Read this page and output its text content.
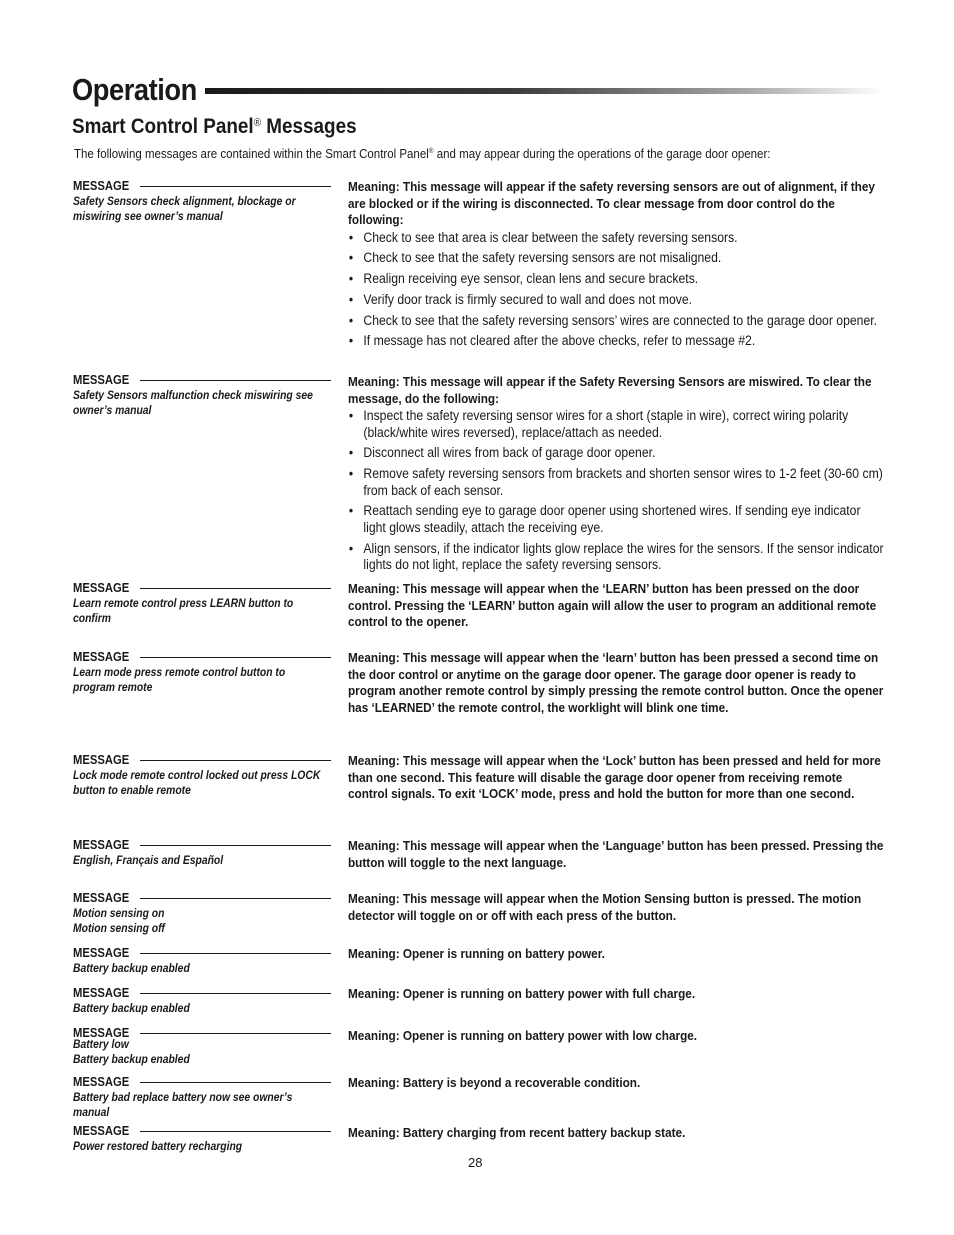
Operation
Smart Control Panel® Messages
The following messages are contained within the Smart Control Panel® and may appear during the operations of the garage door opener:
MESSAGE
Safety Sensors check alignment, blockage or miswiring see owner’s manual
Meaning: This message will appear if the safety reversing sensors are out of alignment, if they are blocked or if the wiring is disconnected. To clear message from door control do the following:
• Check to see that area is clear between the safety reversing sensors.
• Check to see that the safety reversing sensors are not misaligned.
• Realign receiving eye sensor, clean lens and secure brackets.
• Verify door track is firmly secured to wall and does not move.
• Check to see that the safety reversing sensors’ wires are connected to the garage door opener.
• If message has not cleared after the above checks, refer to message #2.
MESSAGE
Safety Sensors malfunction check miswiring see owner’s manual
Meaning: This message will appear if the Safety Reversing Sensors are miswired. To clear the message, do the following:
• Inspect the safety reversing sensor wires for a short (staple in wire), correct wiring polarity (black/white wires reversed), replace/attach as needed.
• Disconnect all wires from back of garage door opener.
• Remove safety reversing sensors from brackets and shorten sensor wires to 1-2 feet (30-60 cm) from back of each sensor.
• Reattach sending eye to garage door opener using shortened wires. If sending eye indicator light glows steadily, attach the receiving eye.
• Align sensors, if the indicator lights glow replace the wires for the sensors. If the sensor indicator lights do not light, replace the safety reversing sensors.
MESSAGE
Learn remote control press LEARN button to confirm
Meaning: This message will appear when the ‘LEARN’ button has been pressed on the door control. Pressing the ‘LEARN’ button again will allow the user to program an additional remote control to the opener.
MESSAGE
Learn mode press remote control button to program remote
Meaning: This message will appear when the ‘learn’ button has been pressed a second time on the door control or anytime on the garage door opener. The garage door opener is ready to program another remote control by simply pressing the remote control button. Once the opener has ‘LEARNED’ the remote control, the worklight will blink one time.
MESSAGE
Lock mode remote control locked out press LOCK button to enable remote
Meaning: This message will appear when the ‘Lock’ button has been pressed and held for more than one second. This feature will disable the garage door opener from receiving remote control signals. To exit ‘LOCK’ mode, press and hold the button for more than one second.
MESSAGE
English, Français and Español
Meaning: This message will appear when the ‘Language’ button has been pressed. Pressing the button will toggle to the next language.
MESSAGE
Motion sensing on
Motion sensing off
Meaning: This message will appear when the Motion Sensing button is pressed. The motion detector will toggle on or off with each press of the button.
MESSAGE
Battery backup enabled
Meaning: Opener is running on battery power.
MESSAGE
Battery backup enabled
Meaning: Opener is running on battery power with full charge.
MESSAGE
Battery low
Battery backup enabled
Meaning: Opener is running on battery power with low charge.
MESSAGE
Battery bad replace battery now see owner’s manual
Meaning: Battery is beyond a recoverable condition.
MESSAGE
Power restored battery recharging
Meaning: Battery charging from recent battery backup state.
28
